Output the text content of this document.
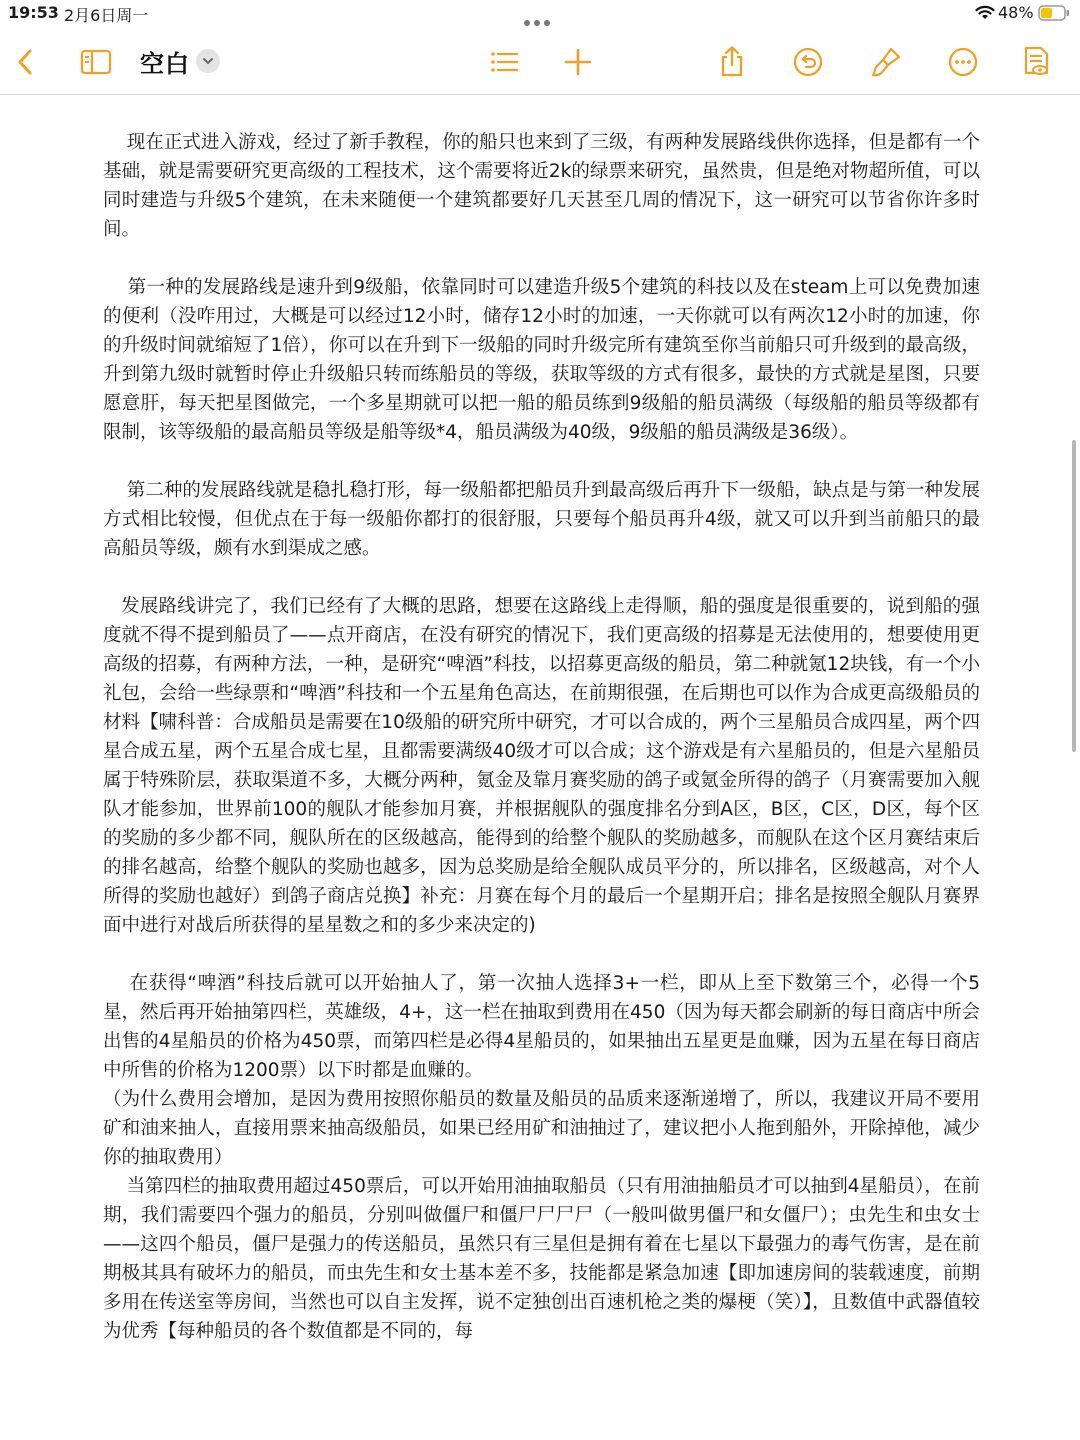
19:53 2月6日周一	48%
空白

现在正式进入游戏，经过了新手教程，你的船只也来到了三级，有两种发展路线供你选择，但是都有一个基础，就是需要研究更高级的工程技术，这个需要将近2k的绿票来研究，虽然贵，但是绝对物超所值，可以同时建造与升级5个建筑，在未来随便一个建筑都要好几天甚至几周的情况下，这一研究可以节省你许多时间。

第一种的发展路线是速升到9级船，依靠同时可以建造升级5个建筑的科技以及在steam上可以免费加速的便利（没咋用过，大概是可以经过12小时，储存12小时的加速，一天你就可以有两次12小时的加速，你的升级时间就缩短了1倍），你可以在升到下一级船的同时升级完所有建筑至你当前船只可升级到的最高级，升到第九级时就暂时停止升级船只转而练船员的等级，获取等级的方式有很多，最快的方式就是星图，只要愿意肝，每天把星图做完，一个多星期就可以把一船的船员练到9级船的船员满级（每级船的船员等级都有限制，该等级船的最高船员等级是船等级*4，船员满级为40级，9级船的船员满级是36级）。

第二种的发展路线就是稳扎稳打形，每一级船都把船员升到最高级后再升下一级船，缺点是与第一种发展方式相比较慢，但优点在于每一级船你都打的很舒服，只要每个船员再升4级，就又可以升到当前船只的最高船员等级，颇有水到渠成之感。

发展路线讲完了，我们已经有了大概的思路，想要在这路线上走得顺，船的强度是很重要的，说到船的强度就不得不提到船员了——点开商店，在没有研究的情况下，我们更高级的招募是无法使用的，想要使用更高级的招募，有两种方法，一种，是研究“啤酒”科技，以招募更高级的船员，第二种就氪12块钱，有一个小礼包，会给一些绿票和“啤酒”科技和一个五星角色高达，在前期很强，在后期也可以作为合成更高级船员的材料【啸科普：合成船员是需要在10级船的研究所中研究，才可以合成的，两个三星船员合成四星，两个四星合成五星，两个五星合成七星，且都需要满级40级才可以合成；这个游戏是有六星船员的，但是六星船员属于特殊阶层，获取渠道不多，大概分两种，氪金及靠月赛奖励的鸽子或氪金所得的鸽子（月赛需要加入舰队才能参加，世界前100的舰队才能参加月赛，并根据舰队的强度排名分到A区，B区，C区，D区，每个区的奖励的多少都不同，舰队所在的区级越高，能得到的给整个舰队的奖励越多，而舰队在这个区月赛结束后的排名越高，给整个舰队的奖励也越多，因为总奖励是给全舰队成员平分的，所以排名，区级越高，对个人所得的奖励也越好）到鸽子商店兑换】补充：月赛在每个月的最后一个星期开启；排名是按照全舰队月赛界面中进行对战后所获得的星星数之和的多少来决定的)

在获得“啤酒”科技后就可以开始抽人了，第一次抽人选择3+一栏，即从上至下数第三个，必得一个5星，然后再开始抽第四栏，英雄级，4+，这一栏在抽取到费用在450（因为每天都会刷新的每日商店中所会出售的4星船员的价格为450票，而第四栏是必得4星船员的，如果抽出五星更是血赚，因为五星在每日商店中所售的价格为1200票）以下时都是血赚的。

（为什么费用会增加，是因为费用按照你船员的数量及船员的品质来逐渐递增了，所以，我建议开局不要用矿和油来抽人，直接用票来抽高级船员，如果已经用矿和油抽过了，建议把小人拖到船外，开除掉他，减少你的抽取费用）

当第四栏的抽取费用超过450票后，可以开始用油抽取船员（只有用油抽船员才可以抽到4星船员），在前期，我们需要四个强力的船员，分别叫做僵尸和僵尸尸尸尸（一般叫做男僵尸和女僵尸）；虫先生和虫女士——这四个船员，僵尸是强力的传送船员，虽然只有三星但是拥有着在七星以下最强力的毒气伤害，是在前期极其具有破坏力的船员，而虫先生和女士基本差不多，技能都是紧急加速【即加速房间的装载速度，前期多用在传送室等房间，当然也可以自主发挥，说不定独创出百速机枪之类的爆梗（笑）】，且数值中武器值较为优秀【每种船员的各个数值都是不同的，每
